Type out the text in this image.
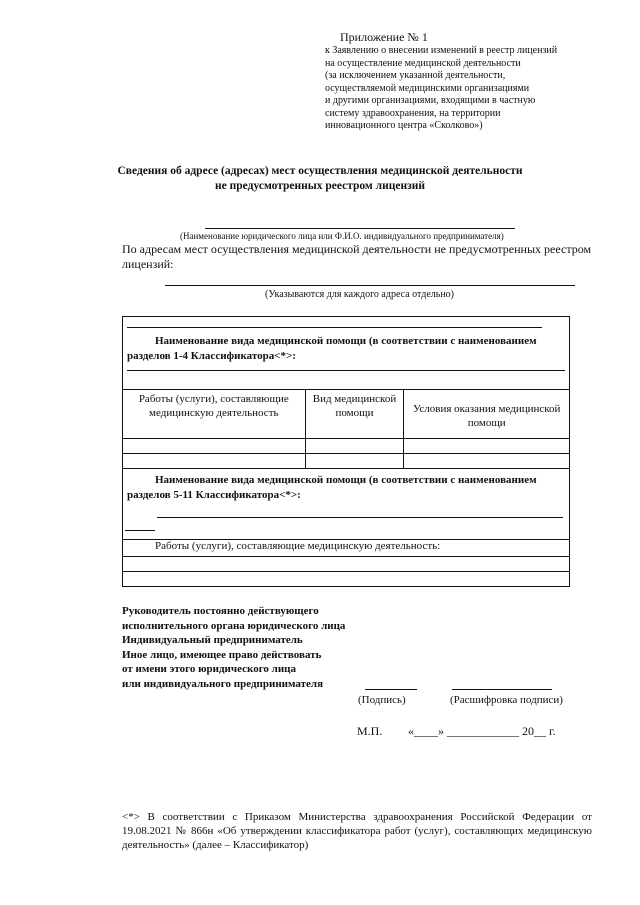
Приложение № 1
к Заявлению о внесении изменений в реестр лицензий
на осуществление медицинской деятельности
(за исключением указанной деятельности,
осуществляемой медицинскими организациями
и другими организациями, входящими в частную
систему здравоохранения, на территории
инновационного центра «Сколково»)
Сведения об адресе (адресах) мест осуществления медицинской деятельности
не предусмотренных реестром лицензий
(Наименование юридического лица или Ф.И.О. индивидуального предпринимателя)
По адресам мест осуществления медицинской деятельности не предусмотренных реестром лицензий:
(Указываются для каждого адреса отдельно)
Наименование вида медицинской помощи (в соответствии с наименованием разделов 1-4 Классификатора<*>:		

Работы (услуги), составляющие медицинскую деятельность	Вид медицинской помощи	Условия оказания медицинской помощи

Наименование вида медицинской помощи (в соответствии с наименованием разделов 5-11 Классификатора<*>:		

Работы (услуги), составляющие медицинскую деятельность:		

Руководитель постоянно действующего
исполнительного органа юридического лица
Индивидуальный предприниматель
Иное лицо, имеющее право действовать
от имени этого юридического лица
или индивидуального предпринимателя
(Подпись)	(Расшифровка подписи)
М.П. «____» ____________ 20__ г.
<*> В соответствии с Приказом Министерства здравоохранения Российской Федерации от 19.08.2021 № 866н «Об утверждении классификатора работ (услуг), составляющих медицинскую деятельность» (далее – Классификатор)
